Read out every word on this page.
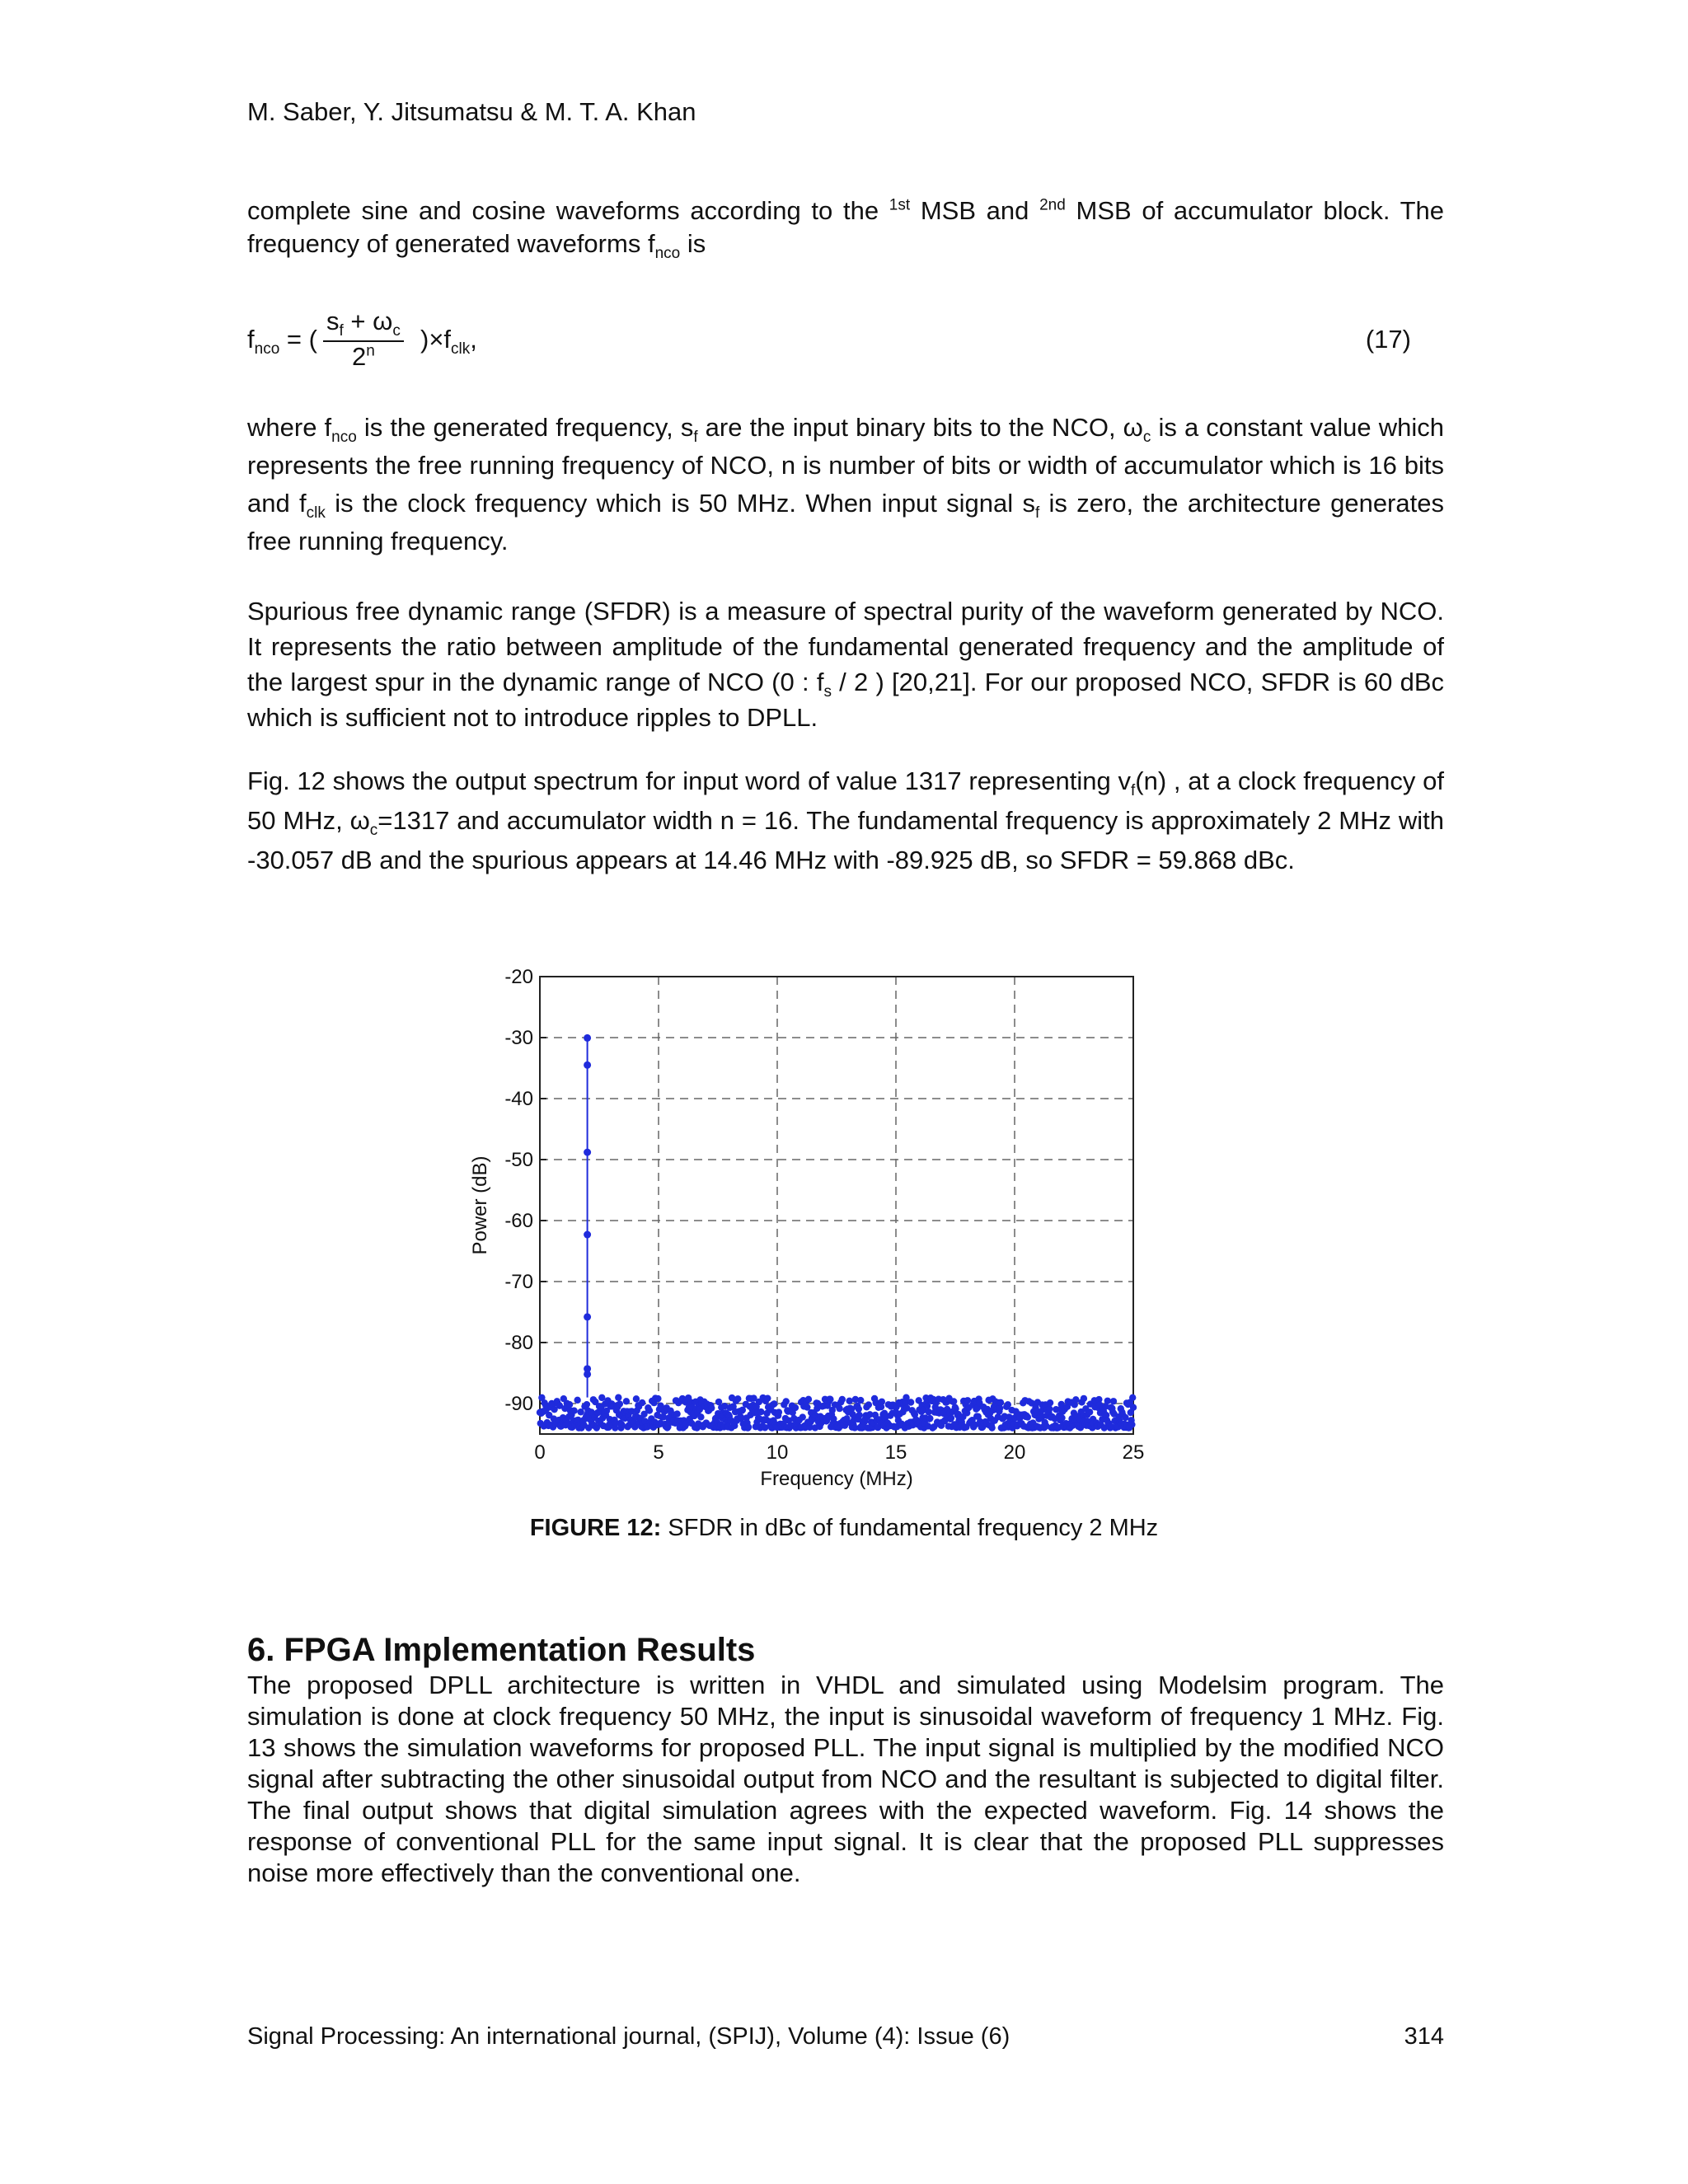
M. Saber, Y. Jitsumatsu & M. T. A. Khan

complete sine and cosine waveforms according to the $^{1st}$ MSB and $^{2nd}$ MSB of accumulator block. The frequency of generated waveforms $f_{nco}$ is

$f_{nco}$ = ( $\frac{s_f + \omega_c}{2^n} )\times f_{clk}$,	(17)

where $f_{nco}$ is the generated frequency, $s_f$ are the input binary bits to the NCO, $\omega_c$ is a constant value which represents the free running frequency of NCO, n is number of bits or width of accumulator which is 16 bits and $f_{clk}$ is the clock frequency which is 50 MHz. When input signal $s_f$ is zero, the architecture generates free running frequency.

Spurious free dynamic range (SFDR) is a measure of spectral purity of the waveform generated by NCO. It represents the ratio between amplitude of the fundamental generated frequency and the amplitude of the largest spur in the dynamic range of NCO (0 : $f_s / 2$ ) [20,21]. For our proposed NCO, SFDR is 60 dBc which is sufficient not to introduce ripples to DPLL.

Fig. 12 shows the output spectrum for input word of value 1317 representing $v_f(n)$ , at a clock frequency of 50 MHz, $\omega_c=1317$ and accumulator width n = 16. The fundamental frequency is approximately 2 MHz with -30.057 dB and the spurious appears at 14.46 MHz with -89.925 dB, so SFDR = 59.868 dBc.

0	5	10	15	20	25
-20
-30
-40
-50
-60
-70
-80
-90
Frequency (MHz)
Power (dB)
FIGURE 12: SFDR in dBc of fundamental frequency 2 MHz
6. FPGA Implementation Results

The proposed DPLL architecture is written in VHDL and simulated using Modelsim program. The simulation is done at clock frequency 50 MHz, the input is sinusoidal waveform of frequency 1 MHz. Fig. 13 shows the simulation waveforms for proposed PLL. The input signal is multiplied by the modified NCO signal after subtracting the other sinusoidal output from NCO and the resultant is subjected to digital filter. The final output shows that digital simulation agrees with the expected waveform. Fig. 14 shows the response of conventional PLL for the same input signal. It is clear that the proposed PLL suppresses noise more effectively than the conventional one.

Signal Processing: An international journal, (SPIJ), Volume (4): Issue (6)	314
